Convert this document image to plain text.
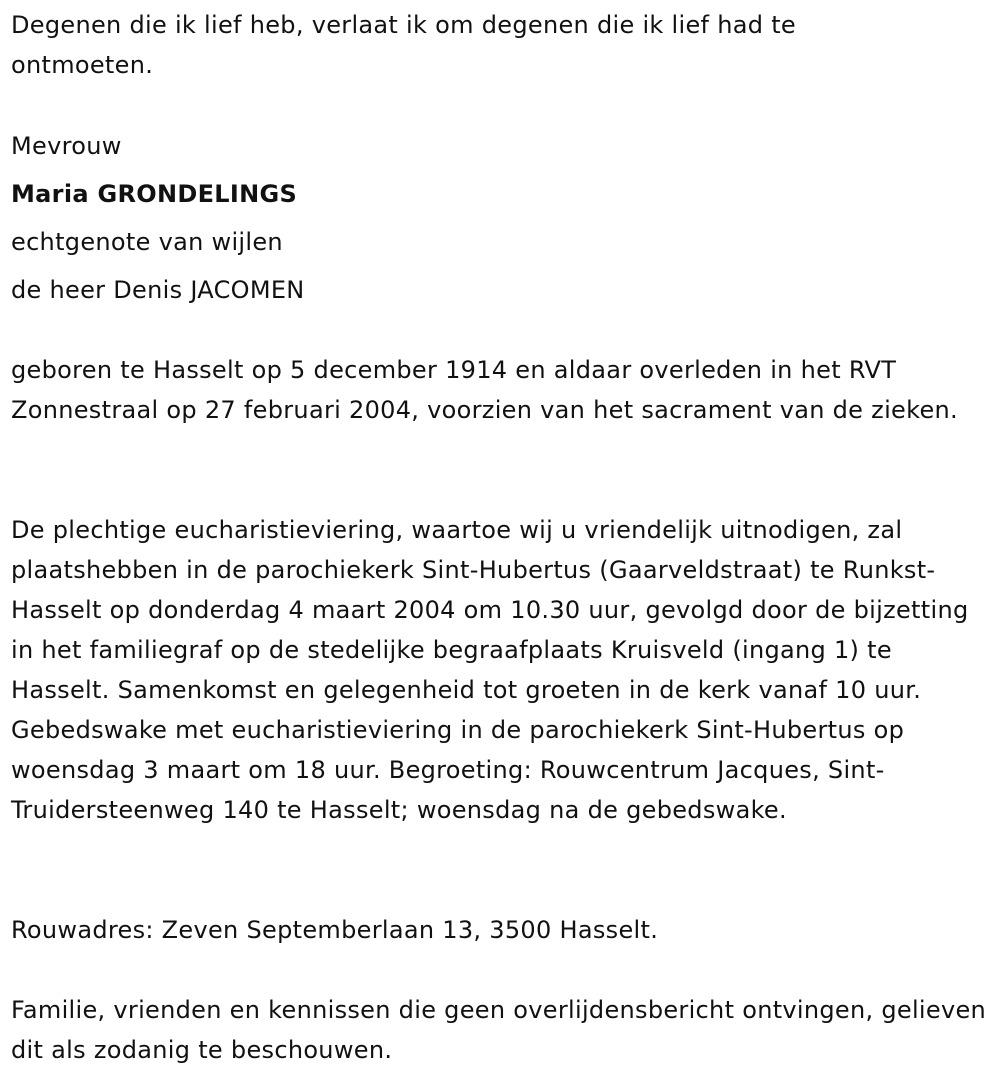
Degenen die ik lief heb, verlaat ik om degenen die ik lief had te ontmoeten.

Mevrouw
Maria GRONDELINGS
echtgenote van wijlen
de heer Denis JACOMEN

geboren te Hasselt op 5 december 1914 en aldaar overleden in het RVT Zonnestraal op 27 februari 2004, voorzien van het sacrament van de zieken.

De plechtige eucharistieviering, waartoe wij u vriendelijk uitnodigen, zal plaatshebben in de parochiekerk Sint-Hubertus (Gaarveldstraat) te Runkst-Hasselt op donderdag 4 maart 2004 om 10.30 uur, gevolgd door de bijzetting in het familiegraf op de stedelijke begraafplaats Kruisveld (ingang 1) te Hasselt. Samenkomst en gelegenheid tot groeten in de kerk vanaf 10 uur. Gebedswake met eucharistieviering in de parochiekerk Sint-Hubertus op woensdag 3 maart om 18 uur. Begroeting: Rouwcentrum Jacques, Sint-Truidersteenweg 140 te Hasselt; woensdag na de gebedswake.

Rouwadres: Zeven Septemberlaan 13, 3500 Hasselt.

Familie, vrienden en kennissen die geen overlijdensbericht ontvingen, gelieven dit als zodanig te beschouwen.
